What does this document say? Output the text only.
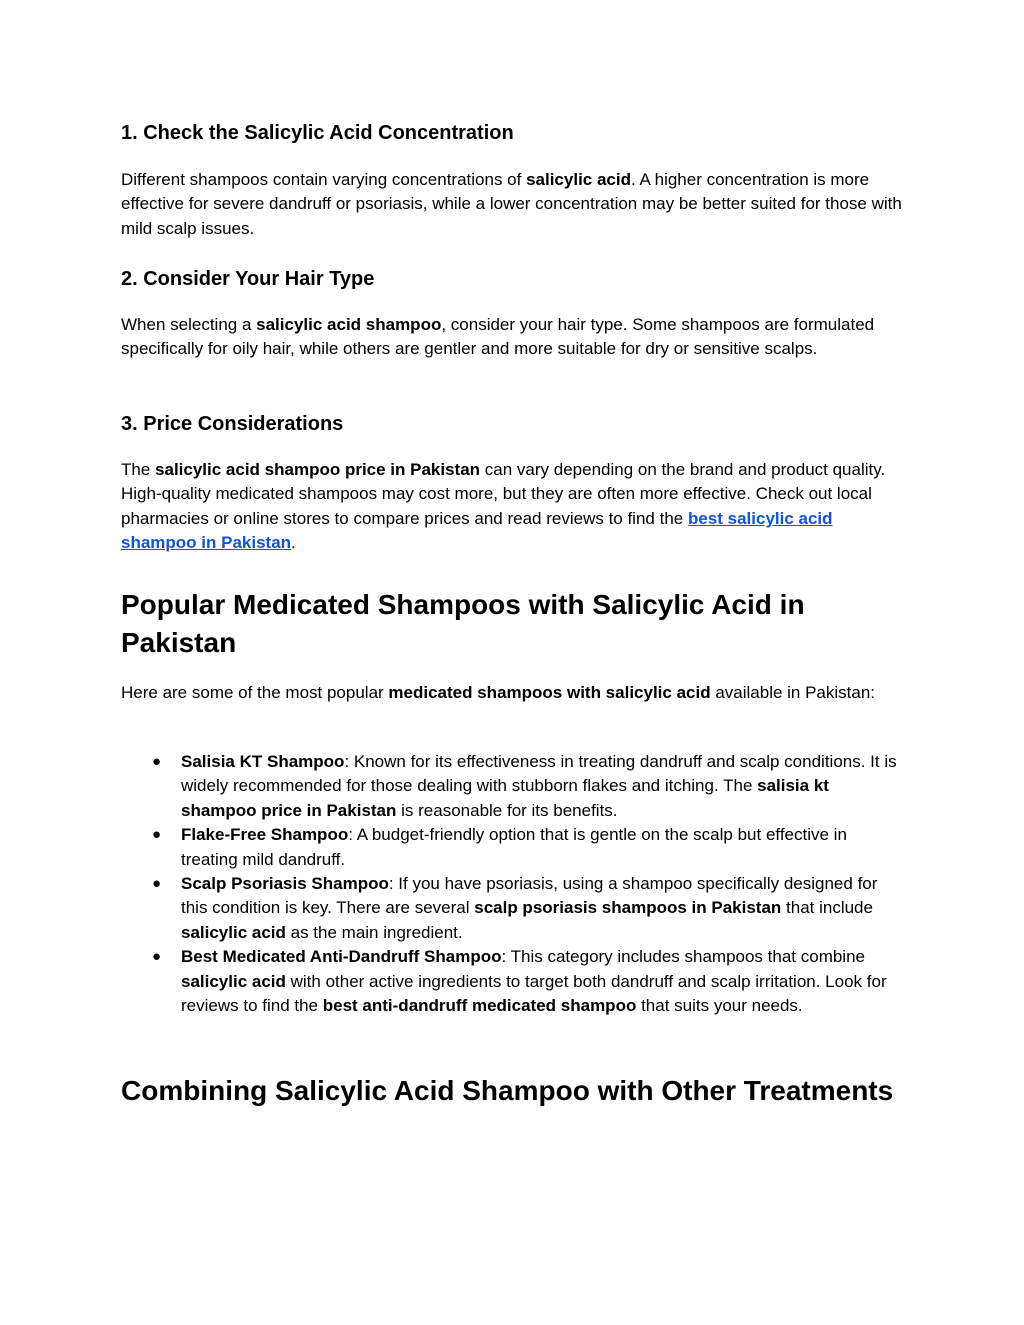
1. Check the Salicylic Acid Concentration

Different shampoos contain varying concentrations of salicylic acid. A higher concentration is more effective for severe dandruff or psoriasis, while a lower concentration may be better suited for those with mild scalp issues.

2. Consider Your Hair Type

When selecting a salicylic acid shampoo, consider your hair type. Some shampoos are formulated specifically for oily hair, while others are gentler and more suitable for dry or sensitive scalps.

3. Price Considerations

The salicylic acid shampoo price in Pakistan can vary depending on the brand and product quality. High-quality medicated shampoos may cost more, but they are often more effective. Check out local pharmacies or online stores to compare prices and read reviews to find the best salicylic acid shampoo in Pakistan.

Popular Medicated Shampoos with Salicylic Acid in Pakistan

Here are some of the most popular medicated shampoos with salicylic acid available in Pakistan:

● Salisia KT Shampoo: Known for its effectiveness in treating dandruff and scalp conditions. It is widely recommended for those dealing with stubborn flakes and itching. The salisia kt shampoo price in Pakistan is reasonable for its benefits.
● Flake-Free Shampoo: A budget-friendly option that is gentle on the scalp but effective in treating mild dandruff.
● Scalp Psoriasis Shampoo: If you have psoriasis, using a shampoo specifically designed for this condition is key. There are several scalp psoriasis shampoos in Pakistan that include salicylic acid as the main ingredient.
● Best Medicated Anti-Dandruff Shampoo: This category includes shampoos that combine salicylic acid with other active ingredients to target both dandruff and scalp irritation. Look for reviews to find the best anti-dandruff medicated shampoo that suits your needs.
Combining Salicylic Acid Shampoo with Other Treatments
